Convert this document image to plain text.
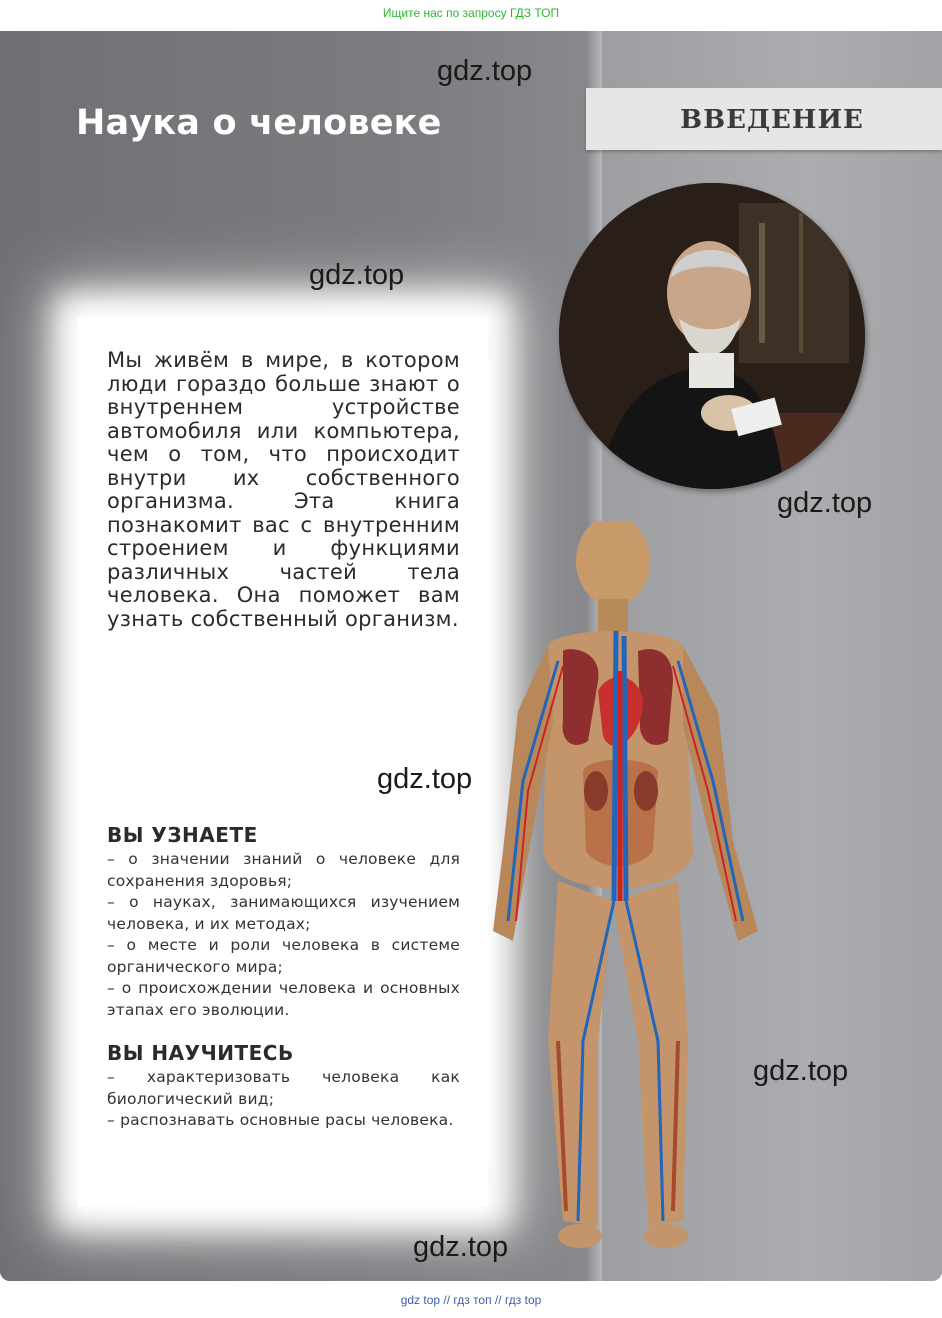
Ищите нас по запросу ГДЗ ТОП
Наука о человеке	ВВЕДЕНИЕ

Мы живём в мире, в котором люди гораздо больше знают о внутреннем устройстве автомобиля или компьютера, чем о том, что происходит внутри их собственного организма. Эта книга познакомит вас с внутренним строением и функциями различных частей тела человека. Она поможет вам узнать собственный организм.

ВЫ УЗНАЕТЕ

– о значении знаний о человеке для сохранения здоровья;

– о науках, занимающихся изучением человека, и их методах;

– о месте и роли человека в системе органического мира;

– о происхождении человека и основных этапах его эволюции.

ВЫ НАУЧИТЕСЬ

– характеризовать человека как биологический вид;

– распознавать основные расы человека.

gdz.top
gdz.top
gdz.top
gdz.top
gdz.top
gdz.top
gdz top // гдз топ // гдз top
